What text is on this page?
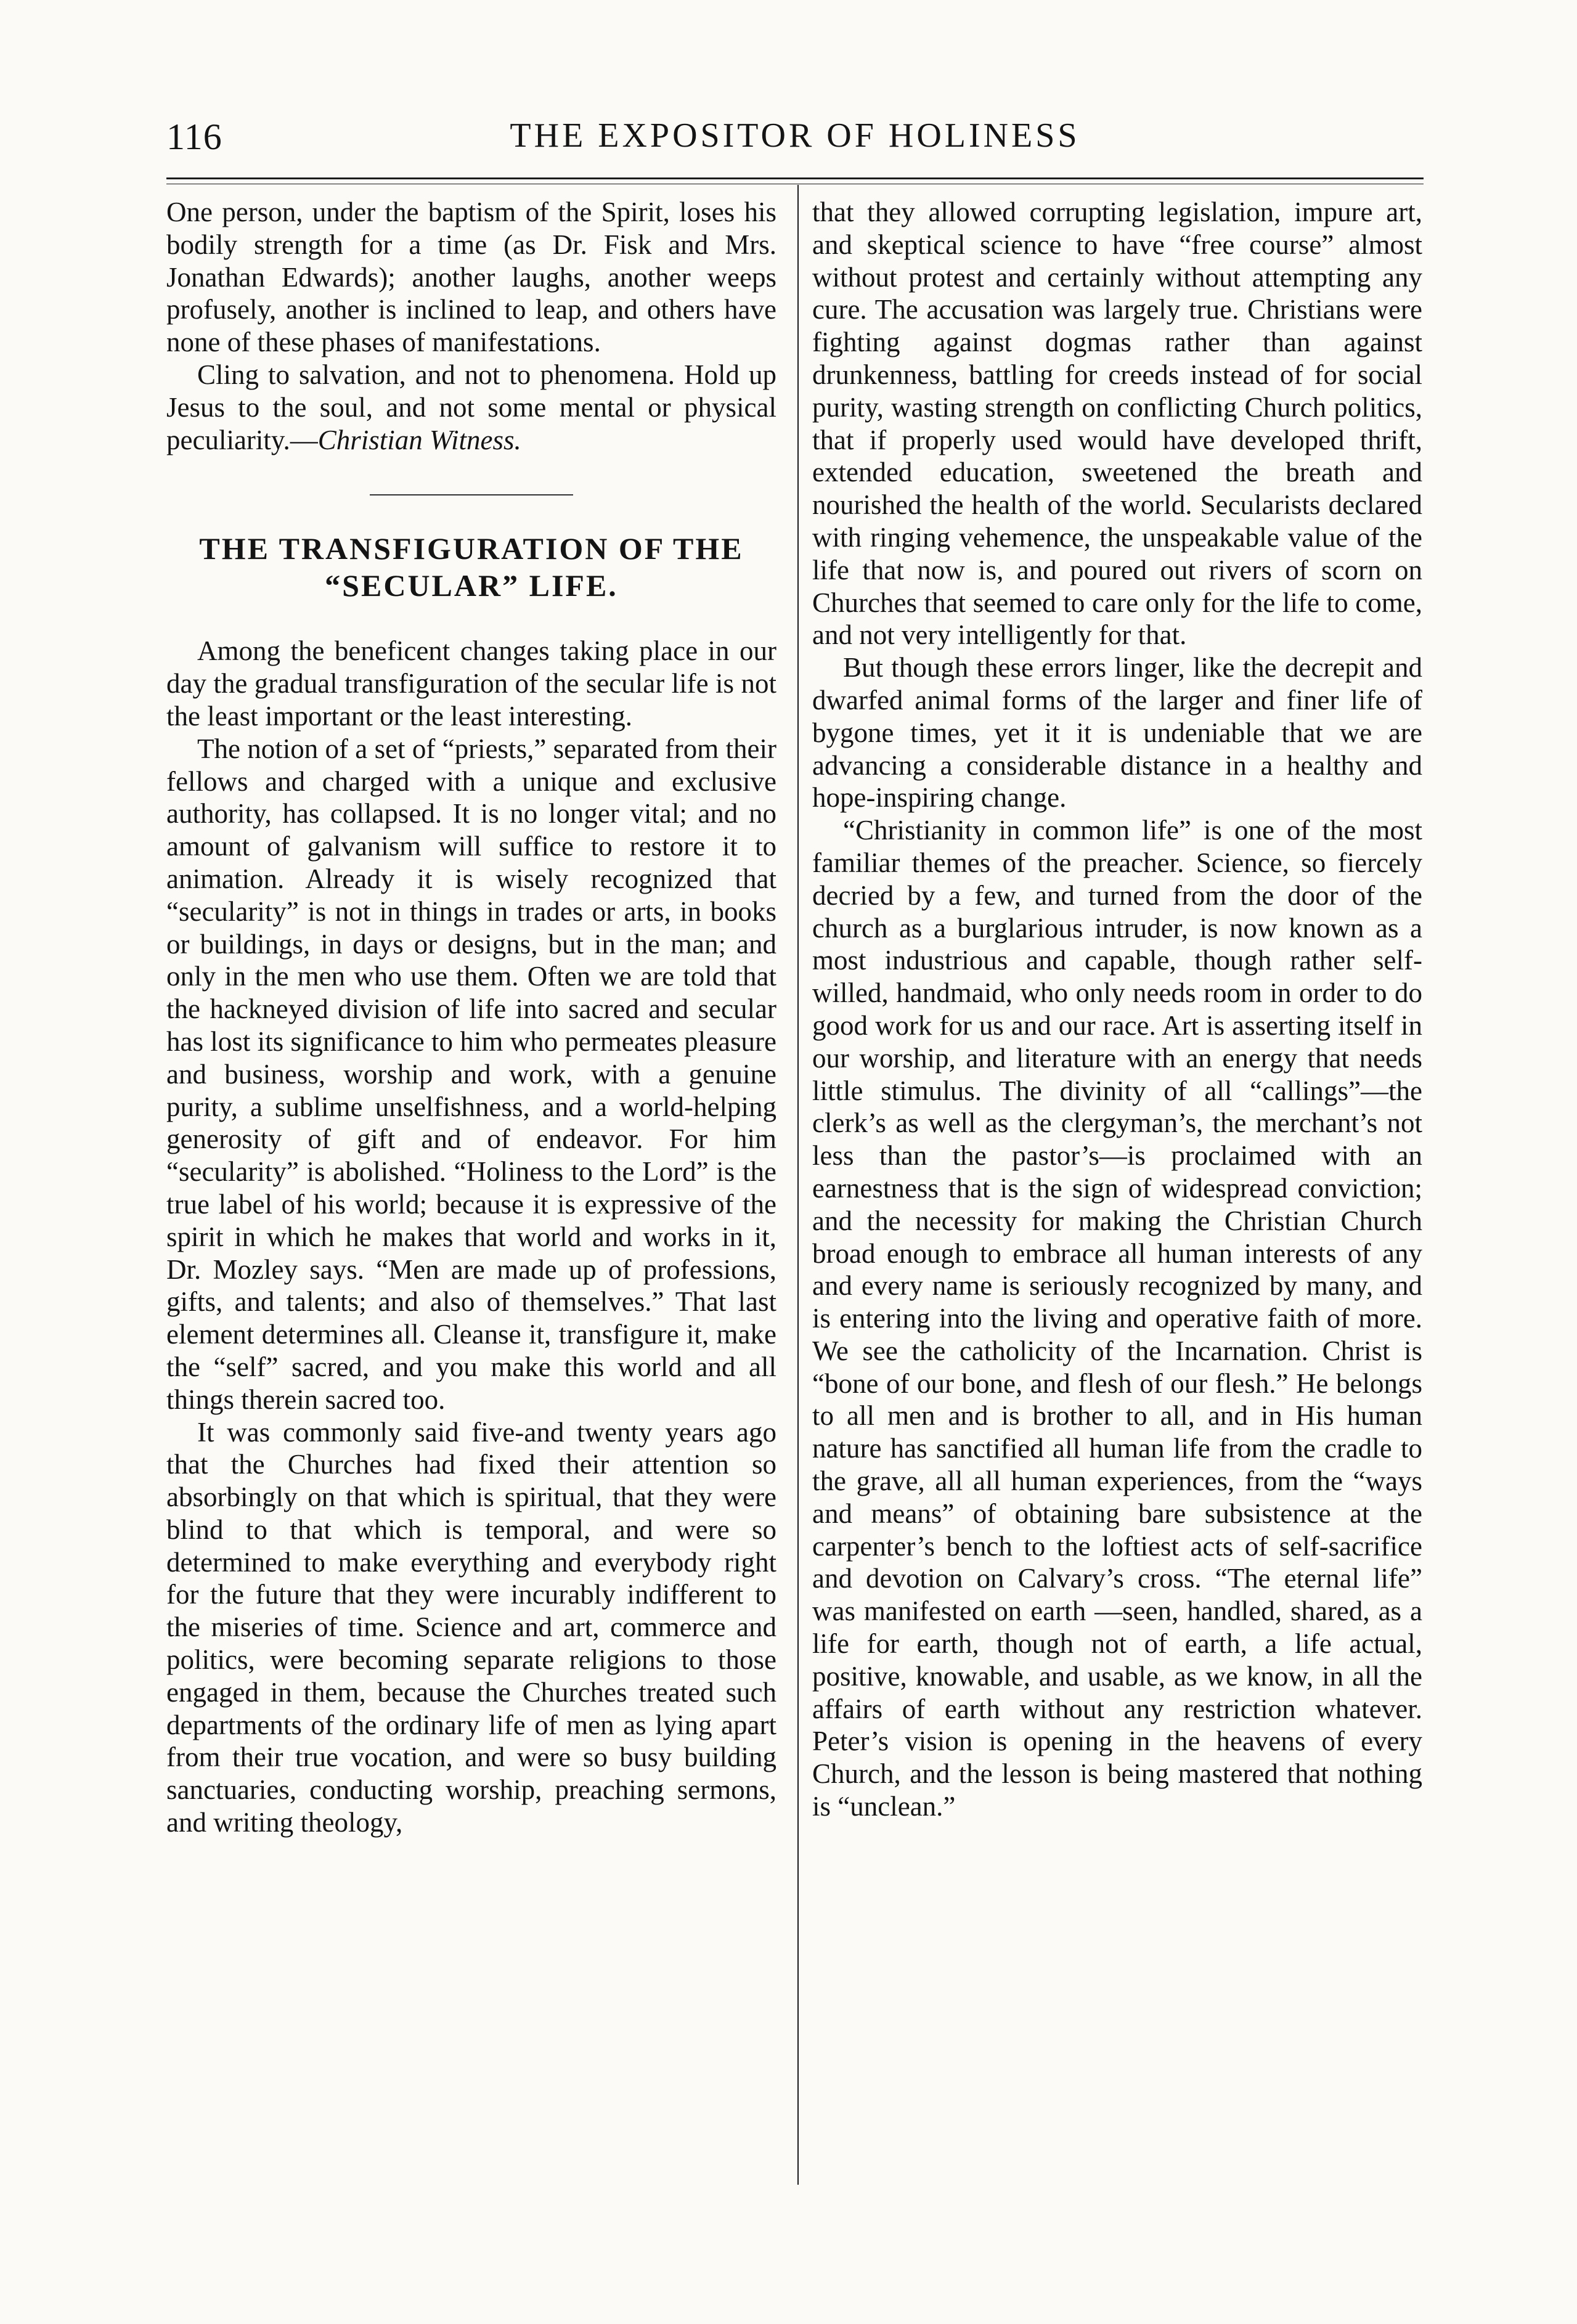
116	THE EXPOSITOR OF HOLINESS

One person, under the baptism of the Spirit, loses his bodily strength for a time (as Dr. Fisk and Mrs. Jonathan Edwards); another laughs, another weeps profusely, another is inclined to leap, and others have none of these phases of manifestations.

Cling to salvation, and not to phenomena. Hold up Jesus to the soul, and not some mental or physical peculiarity.—Christian Witness.

THE TRANSFIGURATION OF THE
“SECULAR” LIFE.

Among the beneficent changes taking place in our day the gradual transfiguration of the secular life is not the least important or the least interesting.

The notion of a set of “priests,” separated from their fellows and charged with a unique and exclusive authority, has collapsed. It is no longer vital; and no amount of galvanism will suffice to restore it to animation. Already it is wisely recognized that “secularity” is not in things in trades or arts, in books or buildings, in days or designs, but in the man; and only in the men who use them. Often we are told that the hackneyed division of life into sacred and secular has lost its significance to him who permeates pleasure and business, worship and work, with a genuine purity, a sublime unselfishness, and a world-helping generosity of gift and of endeavor. For him “secularity” is abolished. “Holiness to the Lord” is the true label of his world; because it is expressive of the spirit in which he makes that world and works in it, Dr. Mozley says. “Men are made up of professions, gifts, and talents; and also of themselves.” That last element determines all. Cleanse it, transfigure it, make the “self” sacred, and you make this world and all things therein sacred too.

It was commonly said five-and twenty years ago that the Churches had fixed their attention so absorbingly on that which is spiritual, that they were blind to that which is temporal, and were so determined to make everything and everybody right for the future that they were incurably indifferent to the miseries of time. Science and art, commerce and politics, were becoming separate religions to those engaged in them, because the Churches treated such departments of the ordinary life of men as lying apart from their true vocation, and were so busy building sanctuaries, conducting worship, preaching sermons, and writing theology,

that they allowed corrupting legislation, impure art, and skeptical science to have “free course” almost without protest and certainly without attempting any cure. The accusation was largely true. Christians were fighting against dogmas rather than against drunkenness, battling for creeds instead of for social purity, wasting strength on conflicting Church politics, that if properly used would have developed thrift, extended education, sweetened the breath and nourished the health of the world. Secularists declared with ringing vehemence, the unspeakable value of the life that now is, and poured out rivers of scorn on Churches that seemed to care only for the life to come, and not very intelligently for that.

But though these errors linger, like the decrepit and dwarfed animal forms of the larger and finer life of bygone times, yet it it is undeniable that we are advancing a considerable distance in a healthy and hope-inspiring change.

“Christianity in common life” is one of the most familiar themes of the preacher. Science, so fiercely decried by a few, and turned from the door of the church as a burglarious intruder, is now known as a most industrious and capable, though rather self-willed, handmaid, who only needs room in order to do good work for us and our race. Art is asserting itself in our worship, and literature with an energy that needs little stimulus. The divinity of all “callings”—the clerk’s as well as the clergyman’s, the merchant’s not less than the pastor’s—is proclaimed with an earnestness that is the sign of widespread conviction; and the necessity for making the Christian Church broad enough to embrace all human interests of any and every name is seriously recognized by many, and is entering into the living and operative faith of more. We see the catholicity of the Incarnation. Christ is “bone of our bone, and flesh of our flesh.” He belongs to all men and is brother to all, and in His human nature has sanctified all human life from the cradle to the grave, all all human experiences, from the “ways and means” of obtaining bare subsistence at the carpenter’s bench to the loftiest acts of self-sacrifice and devotion on Calvary’s cross. “The eternal life” was manifested on earth —seen, handled, shared, as a life for earth, though not of earth, a life actual, positive, knowable, and usable, as we know, in all the affairs of earth without any restriction whatever. Peter’s vision is opening in the heavens of every Church, and the lesson is being mastered that nothing is “unclean.”
